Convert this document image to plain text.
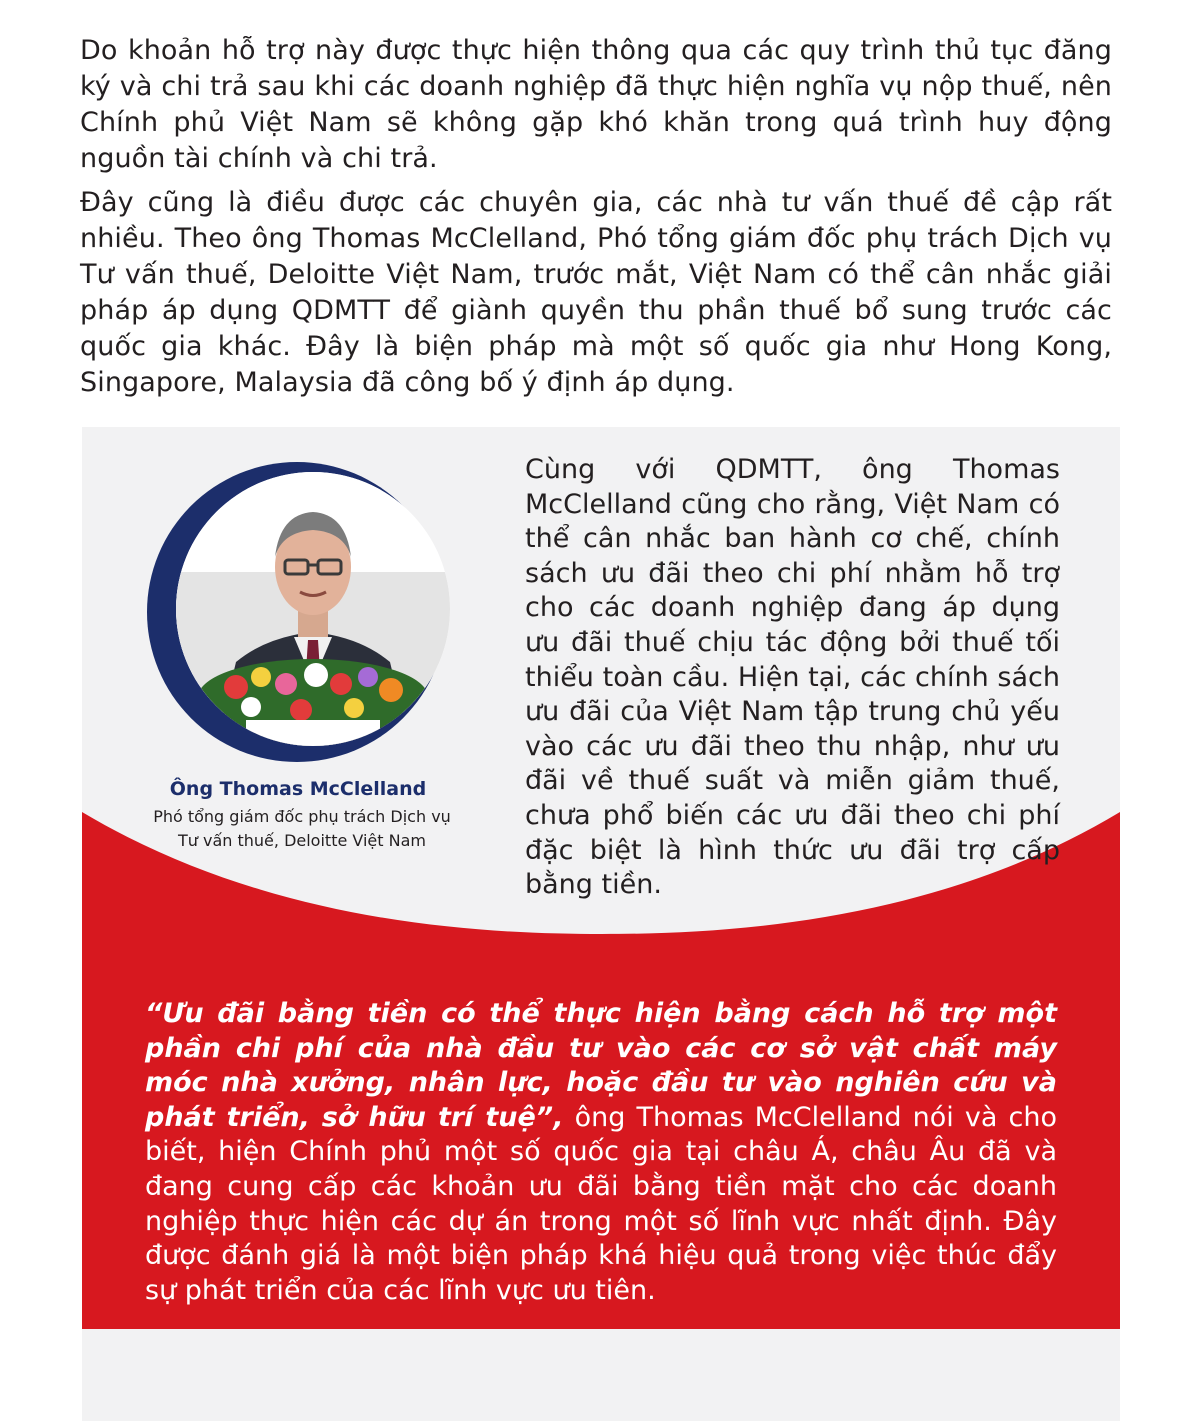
Do khoản hỗ trợ này được thực hiện thông qua các quy trình thủ tục đăng ký và chi trả sau khi các doanh nghiệp đã thực hiện nghĩa vụ nộp thuế, nên Chính phủ Việt Nam sẽ không gặp khó khăn trong quá trình huy động nguồn tài chính và chi trả.

Đây cũng là điều được các chuyên gia, các nhà tư vấn thuế đề cập rất nhiều. Theo ông Thomas McClelland, Phó tổng giám đốc phụ trách Dịch vụ Tư vấn thuế, Deloitte Việt Nam, trước mắt, Việt Nam có thể cân nhắc giải pháp áp dụng QDMTT để giành quyền thu phần thuế bổ sung trước các quốc gia khác. Đây là biện pháp mà một số quốc gia như Hong Kong, Singapore, Malaysia đã công bố ý định áp dụng.

Ông Thomas McClelland
Phó tổng giám đốc phụ trách Dịch vụ
Tư vấn thuế, Deloitte Việt Nam

Cùng với QDMTT, ông Thomas McClelland cũng cho rằng, Việt Nam có thể cân nhắc ban hành cơ chế, chính sách ưu đãi theo chi phí nhằm hỗ trợ cho các doanh nghiệp đang áp dụng ưu đãi thuế chịu tác động bởi thuế tối thiểu toàn cầu. Hiện tại, các chính sách ưu đãi của Việt Nam tập trung chủ yếu vào các ưu đãi theo thu nhập, như ưu đãi về thuế suất và miễn giảm thuế, chưa phổ biến các ưu đãi theo chi phí đặc biệt là hình thức ưu đãi trợ cấp bằng tiền.

“Ưu đãi bằng tiền có thể thực hiện bằng cách hỗ trợ một phần chi phí của nhà đầu tư vào các cơ sở vật chất máy móc nhà xưởng, nhân lực, hoặc đầu tư vào nghiên cứu và phát triển, sở hữu trí tuệ”, ông Thomas McClelland nói và cho biết, hiện Chính phủ một số quốc gia tại châu Á, châu Âu đã và đang cung cấp các khoản ưu đãi bằng tiền mặt cho các doanh nghiệp thực hiện các dự án trong một số lĩnh vực nhất định. Đây được đánh giá là một biện pháp khá hiệu quả trong việc thúc đẩy sự phát triển của các lĩnh vực ưu tiên.
